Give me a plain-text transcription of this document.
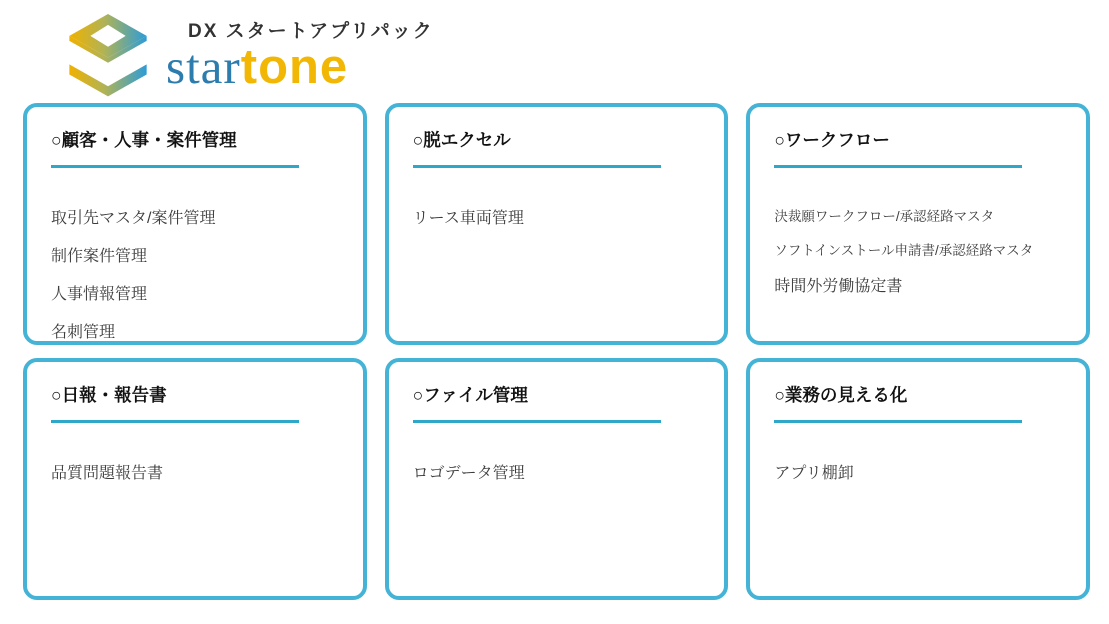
DX スタートアプリパック
startone
○顧客・人事・案件管理
取引先マスタ/案件管理
制作案件管理
人事情報管理
名刺管理
○脱エクセル
リース車両管理
○ワークフロー
決裁願ワークフロー/承認経路マスタ
ソフトインストール申請書/承認経路マスタ
時間外労働協定書
○日報・報告書
品質問題報告書
○ファイル管理
ロゴデータ管理
○業務の見える化
アプリ棚卸
